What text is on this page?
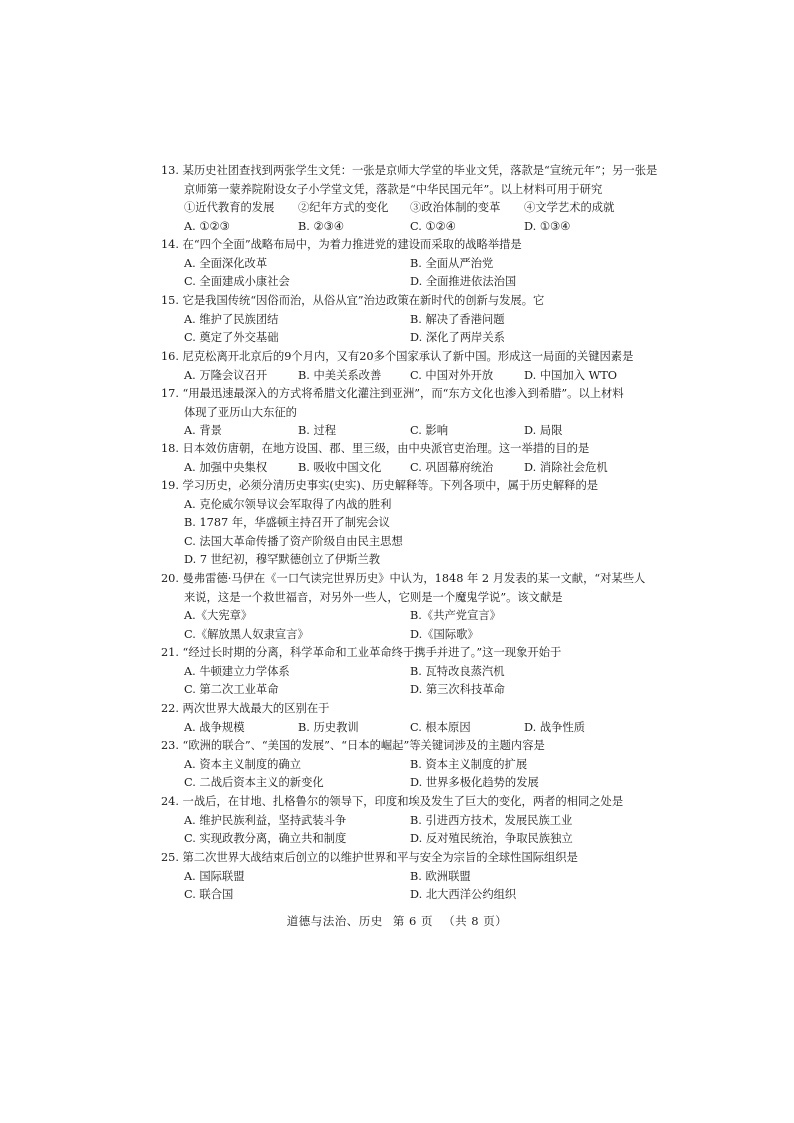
13. 某历史社团查找到两张学生文凭：一张是京师大学堂的毕业文凭，落款是“宣统元年”；另一张是
京师第一蒙养院附设女子小学堂文凭，落款是“中华民国元年”。以上材料可用于研究
①近代教育的发展 ②纪年方式的变化 ③政治体制的变革 ④文学艺术的成就
A. ①②③	B. ②③④	C. ①②④	D. ①③④
14. 在“四个全面”战略布局中，为着力推进党的建设而采取的战略举措是
A. 全面深化改革	B. 全面从严治党
C. 全面建成小康社会	D. 全面推进依法治国
15. 它是我国传统“因俗而治，从俗从宜”治边政策在新时代的创新与发展。它
A. 维护了民族团结	B. 解决了香港问题
C. 奠定了外交基础	D. 深化了两岸关系
16. 尼克松离开北京后的9个月内，又有20多个国家承认了新中国。形成这一局面的关键因素是
A. 万隆会议召开	B. 中美关系改善	C. 中国对外开放	D. 中国加入 WTO
17. “用最迅速最深入的方式将希腊文化灌注到亚洲”，而“东方文化也渗入到希腊”。以上材料
体现了亚历山大东征的
A. 背景	B. 过程	C. 影响	D. 局限
18. 日本效仿唐朝，在地方设国、郡、里三级，由中央派官吏治理。这一举措的目的是
A. 加强中央集权	B. 吸收中国文化	C. 巩固幕府统治	D. 消除社会危机
19. 学习历史，必须分清历史事实(史实)、历史解释等。下列各项中，属于历史解释的是
A. 克伦威尔领导议会军取得了内战的胜利
B. 1787 年，华盛顿主持召开了制宪会议
C. 法国大革命传播了资产阶级自由民主思想
D. 7 世纪初，穆罕默德创立了伊斯兰教
20. 曼弗雷德·马伊在《一口气读完世界历史》中认为，1848 年 2 月发表的某一文献，“对某些人
来说，这是一个救世福音，对另外一些人，它则是一个魔鬼学说”。该文献是
A.《大宪章》	B.《共产党宣言》
C.《解放黑人奴隶宣言》	D.《国际歌》
21. “经过长时期的分离，科学革命和工业革命终于携手并进了。”这一现象开始于
A. 牛顿建立力学体系	B. 瓦特改良蒸汽机
C. 第二次工业革命	D. 第三次科技革命
22. 两次世界大战最大的区别在于
A. 战争规模	B. 历史教训	C. 根本原因	D. 战争性质
23. “欧洲的联合”、“美国的发展”、“日本的崛起”等关键词涉及的主题内容是
A. 资本主义制度的确立	B. 资本主义制度的扩展
C. 二战后资本主义的新变化	D. 世界多极化趋势的发展
24. 一战后，在甘地、扎格鲁尔的领导下，印度和埃及发生了巨大的变化，两者的相同之处是
A. 维护民族利益，坚持武装斗争	B. 引进西方技术，发展民族工业
C. 实现政教分离，确立共和制度	D. 反对殖民统治，争取民族独立
25. 第二次世界大战结束后创立的以维护世界和平与安全为宗旨的全球性国际组织是
A. 国际联盟	B. 欧洲联盟
C. 联合国	D. 北大西洋公约组织
道德与法治、历史 第 6 页 （共 8 页）
